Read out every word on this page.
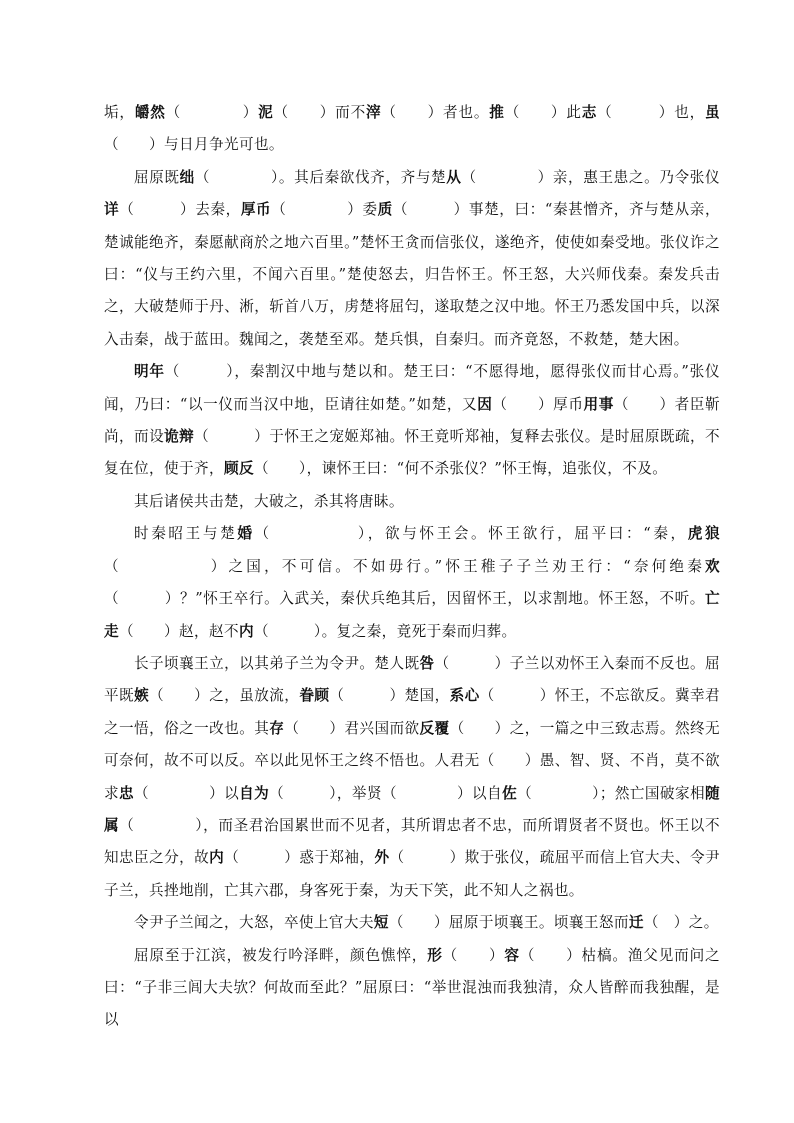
垢，皭然（　　　　）泥（　　）而不滓（　　）者也。推（　　）此志（　　　）也，虽（　　）与日月争光可也。

屈原既绌（　　　　）。其后秦欲伐齐，齐与楚从（　　　　）亲，惠王患之。乃令张仪详（　　　）去秦，厚币（　　　　）委质（　　　）事楚，曰：“秦甚憎齐，齐与楚从亲，楚诚能绝齐，秦愿献商於之地六百里。”楚怀王贪而信张仪，遂绝齐，使使如秦受地。张仪诈之曰：“仪与王约六里，不闻六百里。”楚使怒去，归告怀王。怀王怒，大兴师伐秦。秦发兵击之，大破楚师于丹、淅，斩首八万，虏楚将屈匄，遂取楚之汉中地。怀王乃悉发国中兵，以深入击秦，战于蓝田。魏闻之，袭楚至邓。楚兵惧，自秦归。而齐竟怒，不救楚，楚大困。

明年（　　　），秦割汉中地与楚以和。楚王曰：“不愿得地，愿得张仪而甘心焉。”张仪闻，乃曰：“以一仪而当汉中地，臣请往如楚。”如楚，又因（　　）厚币用事（　　）者臣靳尚，而设诡辩（　　　）于怀王之宠姬郑袖。怀王竟听郑袖，复释去张仪。是时屈原既疏，不复在位，使于齐，顾反（　　），谏怀王曰：“何不杀张仪？”怀王悔，追张仪，不及。

其后诸侯共击楚，大破之，杀其将唐眛。

时秦昭王与楚婚（　　　　　），欲与怀王会。怀王欲行，屈平曰：“秦，虎狼（　　　　　）之国，不可信。不如毋行。”怀王稚子子兰劝王行：“奈何绝秦欢（　　　）？”怀王卒行。入武关，秦伏兵绝其后，因留怀王，以求割地。怀王怒，不听。亡走（　　）赵，赵不内（　　　）。复之秦，竟死于秦而归葬。

长子顷襄王立，以其弟子兰为令尹。楚人既咎（　　　）子兰以劝怀王入秦而不反也。屈平既嫉（　　）之，虽放流，眷顾（　　　）楚国，系心（　　　）怀王，不忘欲反。冀幸君之一悟，俗之一改也。其存（　　）君兴国而欲反覆（　　）之，一篇之中三致志焉。然终无可奈何，故不可以反。卒以此见怀王之终不悟也。人君无（　　）愚、智、贤、不肖，莫不欲求忠（　　　　）以自为（　　　），举贤（　　　　）以自佐（　　　　）；然亡国破家相随属（　　　　），而圣君治国累世而不见者，其所谓忠者不忠，而所谓贤者不贤也。怀王以不知忠臣之分，故内（　　　）惑于郑袖，外（　　　）欺于张仪，疏屈平而信上官大夫、令尹子兰，兵挫地削，亡其六郡，身客死于秦，为天下笑，此不知人之祸也。

令尹子兰闻之，大怒，卒使上官大夫短（　　）屈原于顷襄王。顷襄王怒而迁（　）之。

屈原至于江滨，被发行吟泽畔，颜色憔悴，形（　　）容（　　）枯槁。渔父见而问之曰：“子非三闾大夫欤？何故而至此？”屈原曰：“举世混浊而我独清，众人皆醉而我独醒，是以
